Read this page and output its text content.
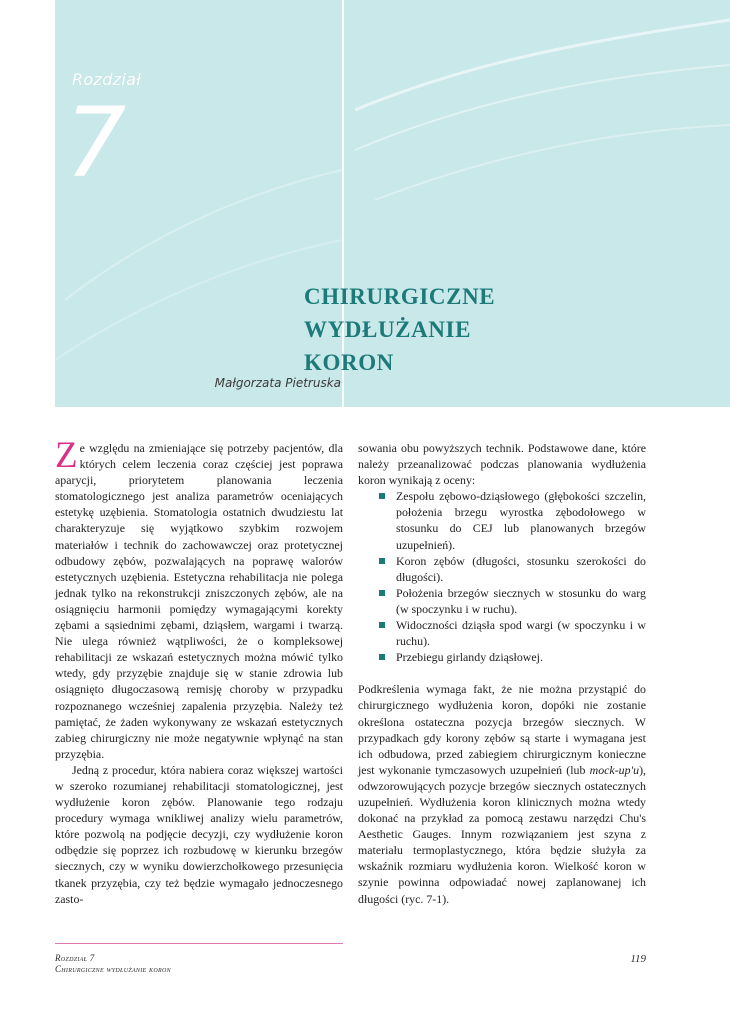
Rozdział
7
Małgorzata Pietruska
CHIRURGICZNE
WYDŁUŻANIE
KORON

Ze względu na zmieniające się potrzeby pacjentów, dla których celem leczenia coraz częściej jest poprawa aparycji, priorytetem planowania leczenia stomatologicznego jest analiza parametrów oceniających estetykę uzębienia. Stomatologia ostatnich dwudziestu lat charakteryzuje się wyjątkowo szybkim rozwojem materiałów i technik do zachowawczej oraz protetycznej odbudowy zębów, pozwalających na poprawę walorów estetycznych uzębienia. Estetyczna rehabilitacja nie polega jednak tylko na rekonstrukcji zniszczonych zębów, ale na osiągnięciu harmonii pomiędzy wymagającymi korekty zębami a sąsiednimi zębami, dziąsłem, wargami i twarzą. Nie ulega również wątpliwości, że o kompleksowej rehabilitacji ze wskazań estetycznych można mówić tylko wtedy, gdy przyzębie znajduje się w stanie zdrowia lub osiągnięto długoczasową remisję choroby w przypadku rozpoznanego wcześniej zapalenia przyzębia. Należy też pamiętać, że żaden wykonywany ze wskazań estetycznych zabieg chirurgiczny nie może negatywnie wpłynąć na stan przyzębia.

Jedną z procedur, która nabiera coraz większej wartości w szeroko rozumianej rehabilitacji stomatologicznej, jest wydłużenie koron zębów. Planowanie tego rodzaju procedury wymaga wnikliwej analizy wielu parametrów, które pozwolą na podjęcie decyzji, czy wydłużenie koron odbędzie się poprzez ich rozbudowę w kierunku brzegów siecznych, czy w wyniku dowierzchołkowego przesunięcia tkanek przyzębia, czy też będzie wymagało jednoczesnego zasto-

sowania obu powyższych technik. Podstawowe dane, które należy przeanalizować podczas planowania wydłużenia koron wynikają z oceny:

Zespołu zębowo-dziąsłowego (głębokości szczelin, położenia brzegu wyrostka zębodołowego w stosunku do CEJ lub planowanych brzegów uzupełnień).
Koron zębów (długości, stosunku szerokości do długości).
Położenia brzegów siecznych w stosunku do warg (w spoczynku i w ruchu).
Widoczności dziąsła spod wargi (w spoczynku i w ruchu).
Przebiegu girlandy dziąsłowej.

Podkreślenia wymaga fakt, że nie można przystąpić do chirurgicznego wydłużenia koron, dopóki nie zostanie określona ostateczna pozycja brzegów siecznych. W przypadkach gdy korony zębów są starte i wymagana jest ich odbudowa, przed zabiegiem chirurgicznym konieczne jest wykonanie tymczasowych uzupełnień (lub mock-up'u), odwzorowujących pozycje brzegów siecznych ostatecznych uzupełnień. Wydłużenia koron klinicznych można wtedy dokonać na przykład za pomocą zestawu narzędzi Chu's Aesthetic Gauges. Innym rozwiązaniem jest szyna z materiału termoplastycznego, która będzie służyła za wskaźnik rozmiaru wydłużenia koron. Wielkość koron w szynie powinna odpowiadać nowej zaplanowanej ich długości (ryc. 7-1).

Rozdział 7
Chirurgiczne wydłużanie koron
119
